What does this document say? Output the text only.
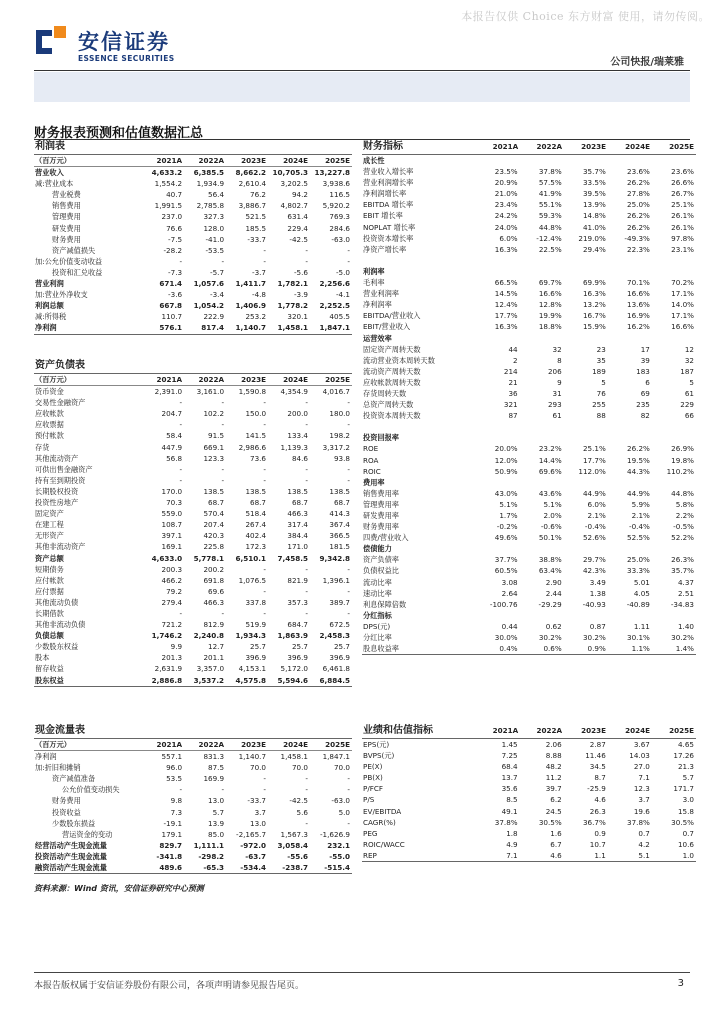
本报告仅供 Choice 东方财富 使用，请勿传阅。
安信证券
ESSENCE SECURITIES	公司快报/瑞莱雅
财务报表预测和估值数据汇总
利润表
（百万元）	2021A	2022A	2023E	2024E	2025E
营业收入	4,633.2	6,385.5	8,662.2	10,705.3	13,227.8
减:营业成本	1,554.2	1,934.9	2,610.4	3,202.5	3,938.6
营业税费	40.7	56.4	76.2	94.2	116.5
销售费用	1,991.5	2,785.8	3,886.7	4,802.7	5,920.2
管理费用	237.0	327.3	521.5	631.4	769.3
研发费用	76.6	128.0	185.5	229.4	284.6
财务费用	-7.5	-41.0	-33.7	-42.5	-63.0
资产减值损失	-28.2	-53.5	-	-	-
加:公允价值变动收益	-	-	-	-	-
投资和汇兑收益	-7.3	-5.7	-3.7	-5.6	-5.0
营业利润	671.4	1,057.6	1,411.7	1,782.1	2,256.6
加:营业外净收支	-3.6	-3.4	-4.8	-3.9	-4.1
利润总额	667.8	1,054.2	1,406.9	1,778.2	2,252.5
减:所得税	110.7	222.9	253.2	320.1	405.5
净利润	576.1	817.4	1,140.7	1,458.1	1,847.1
资产负债表
（百万元）	2021A	2022A	2023E	2024E	2025E
货币资金	2,391.0	3,161.0	1,590.8	4,354.9	4,016.7
交易性金融资产	-	-	-	-	-
应收帐款	204.7	102.2	150.0	200.0	180.0
应收票据	-	-	-	-	-
预付帐款	58.4	91.5	141.5	133.4	198.2
存货	447.9	669.1	2,986.6	1,139.3	3,317.2
其他流动资产	56.8	123.3	73.6	84.6	93.8
可供出售金融资产	-	-	-	-	-
持有至到期投资	-	-	-	-	-
长期股权投资	170.0	138.5	138.5	138.5	138.5
投资性房地产	70.3	68.7	68.7	68.7	68.7
固定资产	559.0	570.4	518.4	466.3	414.3
在建工程	108.7	207.4	267.4	317.4	367.4
无形资产	397.1	420.3	402.4	384.4	366.5
其他非流动资产	169.1	225.8	172.3	171.0	181.5
资产总额	4,633.0	5,778.1	6,510.1	7,458.5	9,342.8
短期债务	200.3	200.2	-	-	-
应付帐款	466.2	691.8	1,076.5	821.9	1,396.1
应付票据	79.2	69.6	-	-	-
其他流动负债	279.4	466.3	337.8	357.3	389.7
长期借款	-	-	-	-	-
其他非流动负债	721.2	812.9	519.9	684.7	672.5
负债总额	1,746.2	2,240.8	1,934.3	1,863.9	2,458.3
少数股东权益	9.9	12.7	25.7	25.7	25.7
股本	201.3	201.1	396.9	396.9	396.9
留存收益	2,631.9	3,357.0	4,153.1	5,172.0	6,461.8
股东权益	2,886.8	3,537.2	4,575.8	5,594.6	6,884.5
现金流量表
（百万元）	2021A	2022A	2023E	2024E	2025E
净利润	557.1	831.3	1,140.7	1,458.1	1,847.1
加:折旧和摊销	96.0	87.5	70.0	70.0	70.0
资产减值准备	53.5	169.9	-	-	-
公允价值变动损失	-	-	-	-	-
财务费用	9.8	13.0	-33.7	-42.5	-63.0
投资收益	7.3	5.7	3.7	5.6	5.0
少数股东损益	-19.1	13.9	13.0	-	-
营运资金的变动	179.1	85.0	-2,165.7	1,567.3	-1,626.9
经营活动产生现金流量	829.7	1,111.1	-972.0	3,058.4	232.1
投资活动产生现金流量	-341.8	-298.2	-63.7	-55.6	-55.0
融资活动产生现金流量	489.6	-65.3	-534.4	-238.7	-515.4
财务指标	2021A	2022A	2023E	2024E	2025E
成长性					
营业收入增长率	23.5%	37.8%	35.7%	23.6%	23.6%
营业利润增长率	20.9%	57.5%	33.5%	26.2%	26.6%
净利润增长率	21.0%	41.9%	39.5%	27.8%	26.7%
EBITDA 增长率	23.4%	55.1%	13.9%	25.0%	25.1%
EBIT 增长率	24.2%	59.3%	14.8%	26.2%	26.1%
NOPLAT 增长率	24.0%	44.8%	41.0%	26.2%	26.1%
投资资本增长率	6.0%	-12.4%	219.0%	-49.3%	97.8%
净资产增长率	16.3%	22.5%	29.4%	22.3%	23.1%

利润率					
毛利率	66.5%	69.7%	69.9%	70.1%	70.2%
营业利润率	14.5%	16.6%	16.3%	16.6%	17.1%
净利润率	12.4%	12.8%	13.2%	13.6%	14.0%
EBITDA/营业收入	17.7%	19.9%	16.7%	16.9%	17.1%
EBIT/营业收入	16.3%	18.8%	15.9%	16.2%	16.6%
运营效率					
固定资产周转天数	44	32	23	17	12
流动营业资本周转天数	2	8	35	39	32
流动资产周转天数	214	206	189	183	187
应收帐款周转天数	21	9	5	6	5
存货周转天数	36	31	76	69	61
总资产周转天数	321	293	255	235	229
投资资本周转天数	87	61	88	82	66

投资回报率					
ROE	20.0%	23.2%	25.1%	26.2%	26.9%
ROA	12.0%	14.4%	17.7%	19.5%	19.8%
ROIC	50.9%	69.6%	112.0%	44.3%	110.2%
费用率					
销售费用率	43.0%	43.6%	44.9%	44.9%	44.8%
管理费用率	5.1%	5.1%	6.0%	5.9%	5.8%
研发费用率	1.7%	2.0%	2.1%	2.1%	2.2%
财务费用率	-0.2%	-0.6%	-0.4%	-0.4%	-0.5%
四费/营业收入	49.6%	50.1%	52.6%	52.5%	52.2%
偿债能力					
资产负债率	37.7%	38.8%	29.7%	25.0%	26.3%
负债权益比	60.5%	63.4%	42.3%	33.3%	35.7%
流动比率	3.08	2.90	3.49	5.01	4.37
速动比率	2.64	2.44	1.38	4.05	2.51
利息保障倍数	-100.76	-29.29	-40.93	-40.89	-34.83
分红指标					
DPS(元)	0.44	0.62	0.87	1.11	1.40
分红比率	30.0%	30.2%	30.2%	30.1%	30.2%
股息收益率	0.4%	0.6%	0.9%	1.1%	1.4%
业绩和估值指标	2021A	2022A	2023E	2024E	2025E
EPS(元)	1.45	2.06	2.87	3.67	4.65
BVPS(元)	7.25	8.88	11.46	14.03	17.26
PE(X)	68.4	48.2	34.5	27.0	21.3
PB(X)	13.7	11.2	8.7	7.1	5.7
P/FCF	35.6	39.7	-25.9	12.3	171.7
P/S	8.5	6.2	4.6	3.7	3.0
EV/EBITDA	49.1	24.5	26.3	19.6	15.8
CAGR(%)	37.8%	30.5%	36.7%	37.8%	30.5%
PEG	1.8	1.6	0.9	0.7	0.7
ROIC/WACC	4.9	6.7	10.7	4.2	10.6
REP	7.1	4.6	1.1	5.1	1.0
资料来源：Wind 资讯，安信证券研究中心预测
本报告版权属于安信证券股份有限公司，各项声明请参见报告尾页。	3
